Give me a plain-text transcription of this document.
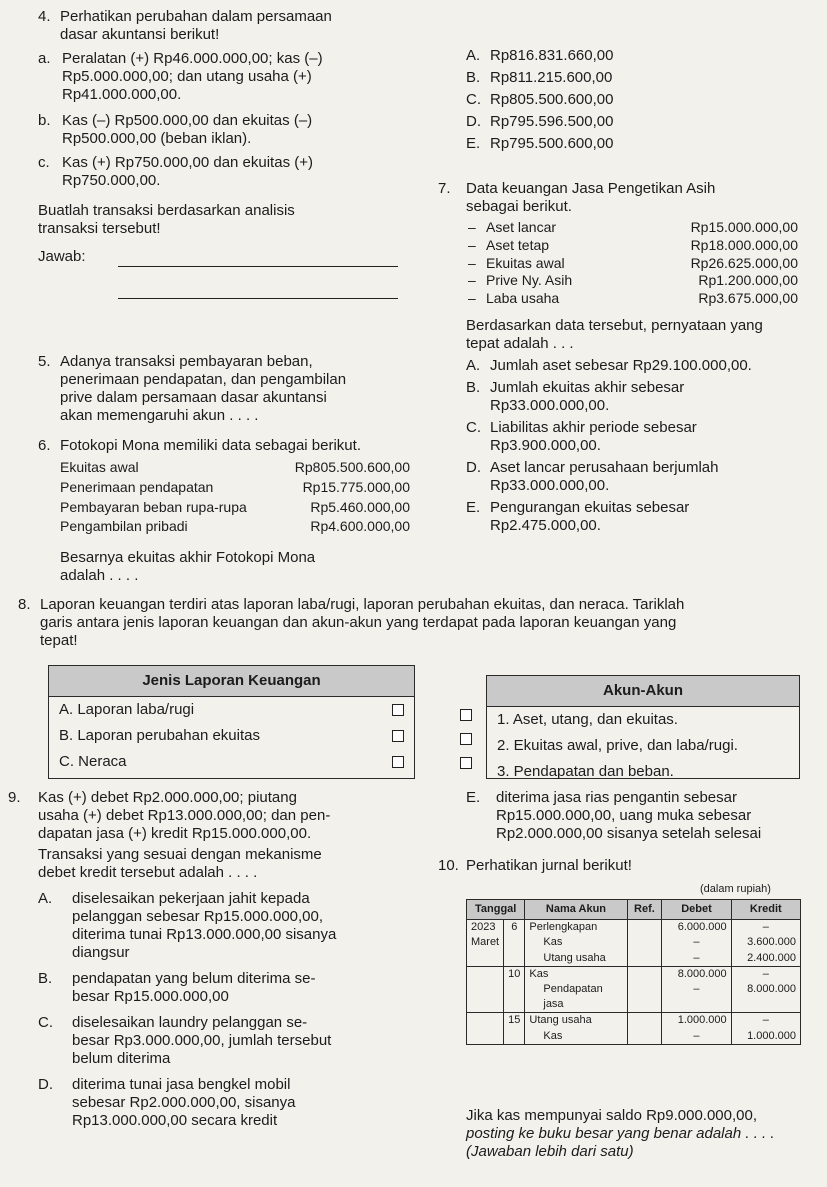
4. Perhatikan perubahan dalam persamaan
dasar akuntansi berikut!
a. Peralatan (+) Rp46.000.000,00; kas (–)
Rp5.000.000,00; dan utang usaha (+)
Rp41.000.000,00.
b. Kas (–) Rp500.000,00 dan ekuitas (–)
Rp500.000,00 (beban iklan).
c. Kas (+) Rp750.000,00 dan ekuitas (+)
Rp750.000,00.
Buatlah transaksi berdasarkan analisis
transaksi tersebut!
Jawab:
A. Rp816.831.660,00
B. Rp811.215.600,00
C. Rp805.500.600,00
D. Rp795.596.500,00
E. Rp795.500.600,00
7. Data keuangan Jasa Pengetikan Asih
sebagai berikut.
– Aset lancar	Rp15.000.000,00
– Aset tetap	Rp18.000.000,00
– Ekuitas awal	Rp26.625.000,00
– Prive Ny. Asih	Rp1.200.000,00
– Laba usaha	Rp3.675.000,00
Berdasarkan data tersebut, pernyataan yang
tepat adalah . . .
A. Jumlah aset sebesar Rp29.100.000,00.
B. Jumlah ekuitas akhir sebesar
Rp33.000.000,00.
C. Liabilitas akhir periode sebesar
Rp3.900.000,00.
D. Aset lancar perusahaan berjumlah
Rp33.000.000,00.
E. Pengurangan ekuitas sebesar
Rp2.475.000,00.
5. Adanya transaksi pembayaran beban,
penerimaan pendapatan, dan pengambilan
prive dalam persamaan dasar akuntansi
akan memengaruhi akun . . . .
6. Fotokopi Mona memiliki data sebagai berikut.
Ekuitas awal	Rp805.500.600,00
Penerimaan pendapatan	Rp15.775.000,00
Pembayaran beban rupa-rupa	Rp5.460.000,00
Pengambilan pribadi	Rp4.600.000,00
Besarnya ekuitas akhir Fotokopi Mona
adalah . . . .
8. Laporan keuangan terdiri atas laporan laba/rugi, laporan perubahan ekuitas, dan neraca. Tariklah
garis antara jenis laporan keuangan dan akun-akun yang terdapat pada laporan keuangan yang
tepat!
Jenis Laporan Keuangan
A. Laporan laba/rugi
B. Laporan perubahan ekuitas
C. Neraca
Akun-Akun
1. Aset, utang, dan ekuitas.
2. Ekuitas awal, prive, dan laba/rugi.
3. Pendapatan dan beban.
9. Kas (+) debet Rp2.000.000,00; piutang
usaha (+) debet Rp13.000.000,00; dan pen-
dapatan jasa (+) kredit Rp15.000.000,00.
Transaksi yang sesuai dengan mekanisme
debet kredit tersebut adalah . . . .
A. diselesaikan pekerjaan jahit kepada
pelanggan sebesar Rp15.000.000,00,
diterima tunai Rp13.000.000,00 sisanya
diangsur
B. pendapatan yang belum diterima se-
besar Rp15.000.000,00
C. diselesaikan laundry pelanggan se-
besar Rp3.000.000,00, jumlah tersebut
belum diterima
D. diterima tunai jasa bengkel mobil
sebesar Rp2.000.000,00, sisanya
Rp13.000.000,00 secara kredit
E. diterima jasa rias pengantin sebesar
Rp15.000.000,00, uang muka sebesar
Rp2.000.000,00 sisanya setelah selesai
10. Perhatikan jurnal berikut!
(dalam rupiah)
Tanggal		Nama Akun	Ref.	Debet	Kredit
2023	6	Perlengkapan		6.000.000	–
Maret		Kas		–	3.600.000
		Utang usaha		–	2.400.000
	10	Kas		8.000.000	–
		Pendapatan		–	8.000.000
		jasa			
	15	Utang usaha		1.000.000	–
		Kas		–	1.000.000
Jika kas mempunyai saldo Rp9.000.000,00,
posting ke buku besar yang benar adalah . . . .
(Jawaban lebih dari satu)
